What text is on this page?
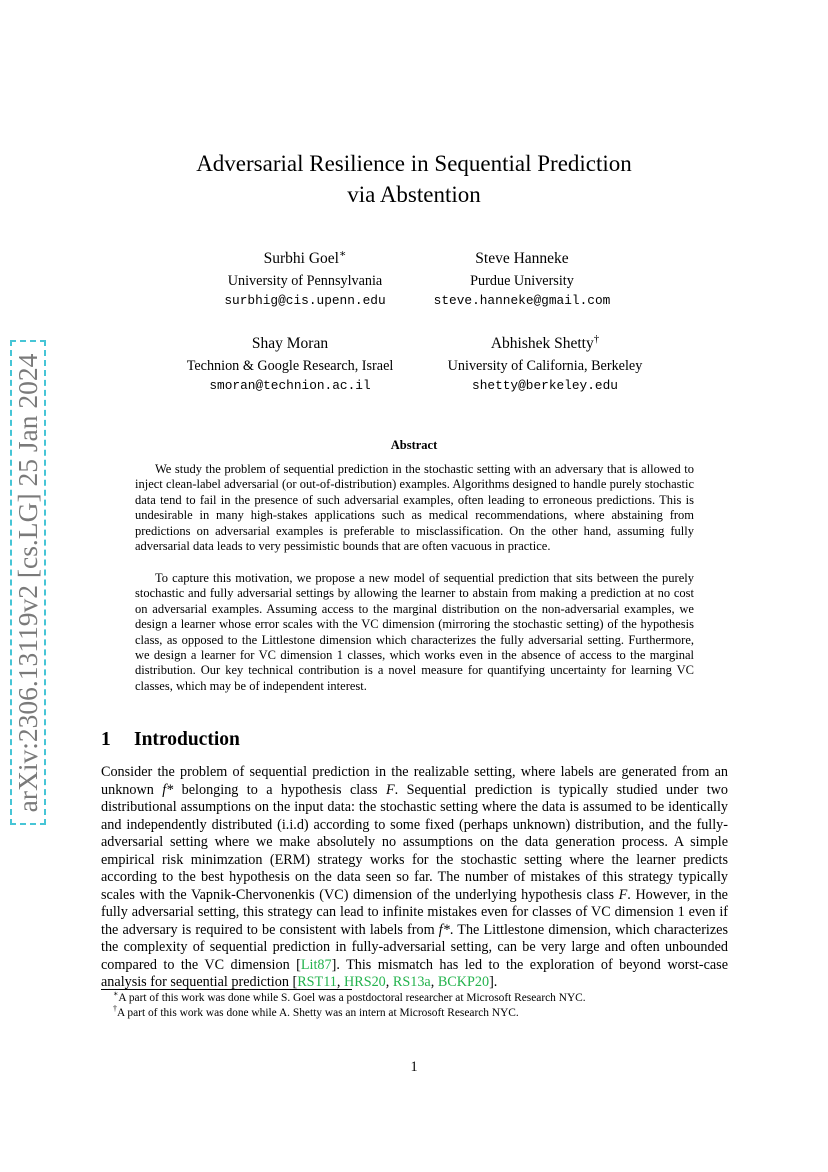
arXiv:2306.13119v2 [cs.LG] 25 Jan 2024
Adversarial Resilience in Sequential Prediction
via Abstention
Surbhi Goel∗
University of Pennsylvania
surbhig@cis.upenn.edu
Steve Hanneke
Purdue University
steve.hanneke@gmail.com
Shay Moran
Technion & Google Research, Israel
smoran@technion.ac.il
Abhishek Shetty†
University of California, Berkeley
shetty@berkeley.edu
Abstract

We study the problem of sequential prediction in the stochastic setting with an adversary that is allowed to inject clean-label adversarial (or out-of-distribution) examples. Algorithms designed to handle purely stochastic data tend to fail in the presence of such adversarial examples, often leading to erroneous predictions. This is undesirable in many high-stakes applications such as medical recommendations, where abstaining from predictions on adversarial examples is preferable to misclassification. On the other hand, assuming fully adversarial data leads to very pessimistic bounds that are often vacuous in practice.

To capture this motivation, we propose a new model of sequential prediction that sits between the purely stochastic and fully adversarial settings by allowing the learner to abstain from making a prediction at no cost on adversarial examples. Assuming access to the marginal distribution on the non-adversarial examples, we design a learner whose error scales with the VC dimension (mirroring the stochastic setting) of the hypothesis class, as opposed to the Littlestone dimension which characterizes the fully adversarial setting. Furthermore, we design a learner for VC dimension 1 classes, which works even in the absence of access to the marginal distribution. Our key technical contribution is a novel measure for quantifying uncertainty for learning VC classes, which may be of independent interest.

1 Introduction

Consider the problem of sequential prediction in the realizable setting, where labels are generated from an unknown f* belonging to a hypothesis class F. Sequential prediction is typically studied under two distributional assumptions on the input data: the stochastic setting where the data is assumed to be identically and independently distributed (i.i.d) according to some fixed (perhaps unknown) distribution, and the fully-adversarial setting where we make absolutely no assumptions on the data generation process. A simple empirical risk minimzation (ERM) strategy works for the stochastic setting where the learner predicts according to the best hypothesis on the data seen so far. The number of mistakes of this strategy typically scales with the Vapnik-Chervonenkis (VC) dimension of the underlying hypothesis class F. However, in the fully adversarial setting, this strategy can lead to infinite mistakes even for classes of VC dimension 1 even if the adversary is required to be consistent with labels from f*. The Littlestone dimension, which characterizes the complexity of sequential prediction in fully-adversarial setting, can be very large and often unbounded compared to the VC dimension [Lit87]. This mismatch has led to the exploration of beyond worst-case analysis for sequential prediction [RST11, HRS20, RS13a, BCKP20].

∗A part of this work was done while S. Goel was a postdoctoral researcher at Microsoft Research NYC.

†A part of this work was done while A. Shetty was an intern at Microsoft Research NYC.

1
